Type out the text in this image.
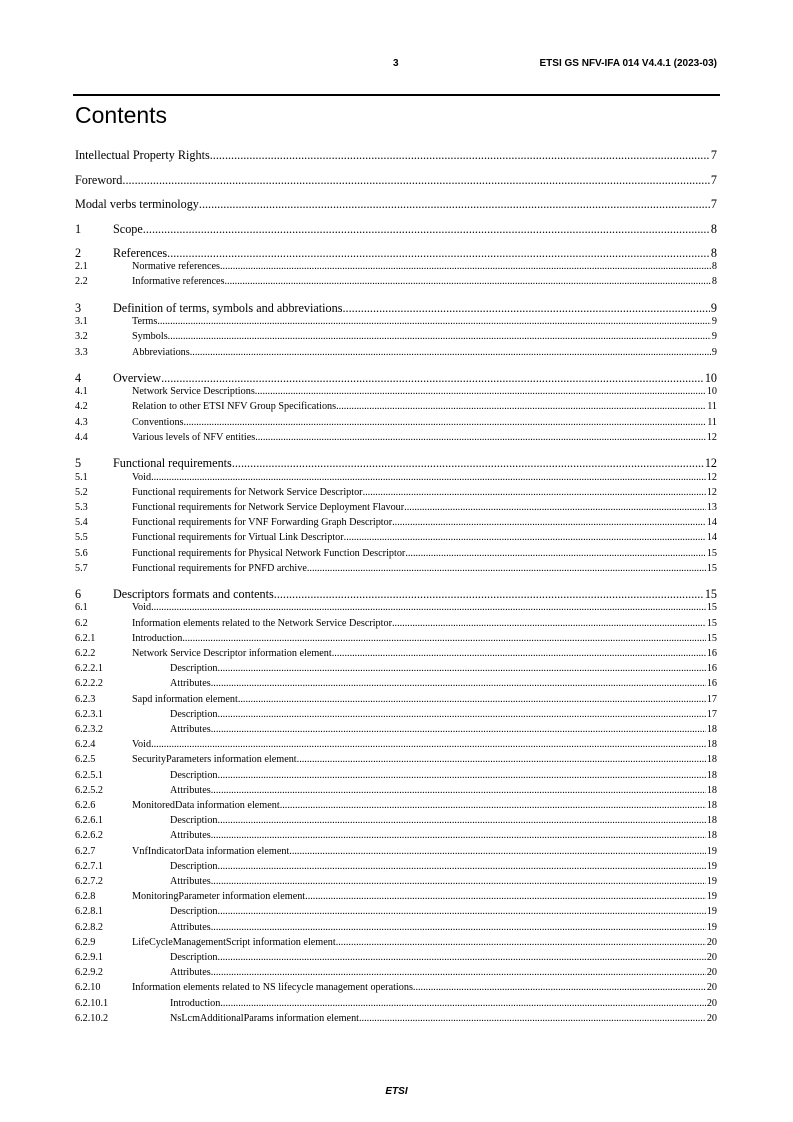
3	ETSI GS NFV-IFA 014 V4.4.1 (2023-03)
Contents
Intellectual Property Rights .....	7
Foreword .....	7
Modal verbs terminology .....	7
1	Scope .....	8
2	References .....	8
2.1	Normative references .....	8
2.2	Informative references .....	8
3	Definition of terms, symbols and abbreviations .....	9
3.1	Terms .....	9
3.2	Symbols .....	9
3.3	Abbreviations .....	9
4	Overview .....	10
4.1	Network Service Descriptions .....	10
4.2	Relation to other ETSI NFV Group Specifications .....	11
4.3	Conventions .....	11
4.4	Various levels of NFV entities .....	12
5	Functional requirements .....	12
5.1	Void .....	12
5.2	Functional requirements for Network Service Descriptor .....	12
5.3	Functional requirements for Network Service Deployment Flavour .....	13
5.4	Functional requirements for VNF Forwarding Graph Descriptor .....	14
5.5	Functional requirements for Virtual Link Descriptor .....	14
5.6	Functional requirements for Physical Network Function Descriptor .....	15
5.7	Functional requirements for PNFD archive .....	15
6	Descriptors formats and contents .....	15
6.1	Void .....	15
6.2	Information elements related to the Network Service Descriptor .....	15
6.2.1	Introduction .....	15
6.2.2	Network Service Descriptor information element .....	16
6.2.2.1	Description .....	16
6.2.2.2	Attributes .....	16
6.2.3	Sapd information element .....	17
6.2.3.1	Description .....	17
6.2.3.2	Attributes .....	18
6.2.4	Void .....	18
6.2.5	SecurityParameters information element .....	18
6.2.5.1	Description .....	18
6.2.5.2	Attributes .....	18
6.2.6	MonitoredData information element .....	18
6.2.6.1	Description .....	18
6.2.6.2	Attributes .....	18
6.2.7	VnfIndicatorData information element .....	19
6.2.7.1	Description .....	19
6.2.7.2	Attributes .....	19
6.2.8	MonitoringParameter information element .....	19
6.2.8.1	Description .....	19
6.2.8.2	Attributes .....	19
6.2.9	LifeCycleManagementScript information element .....	20
6.2.9.1	Description .....	20
6.2.9.2	Attributes .....	20
6.2.10	Information elements related to NS lifecycle management operations .....	20
6.2.10.1	Introduction .....	20
6.2.10.2	NsLcmAdditionalParams information element .....	20
ETSI
